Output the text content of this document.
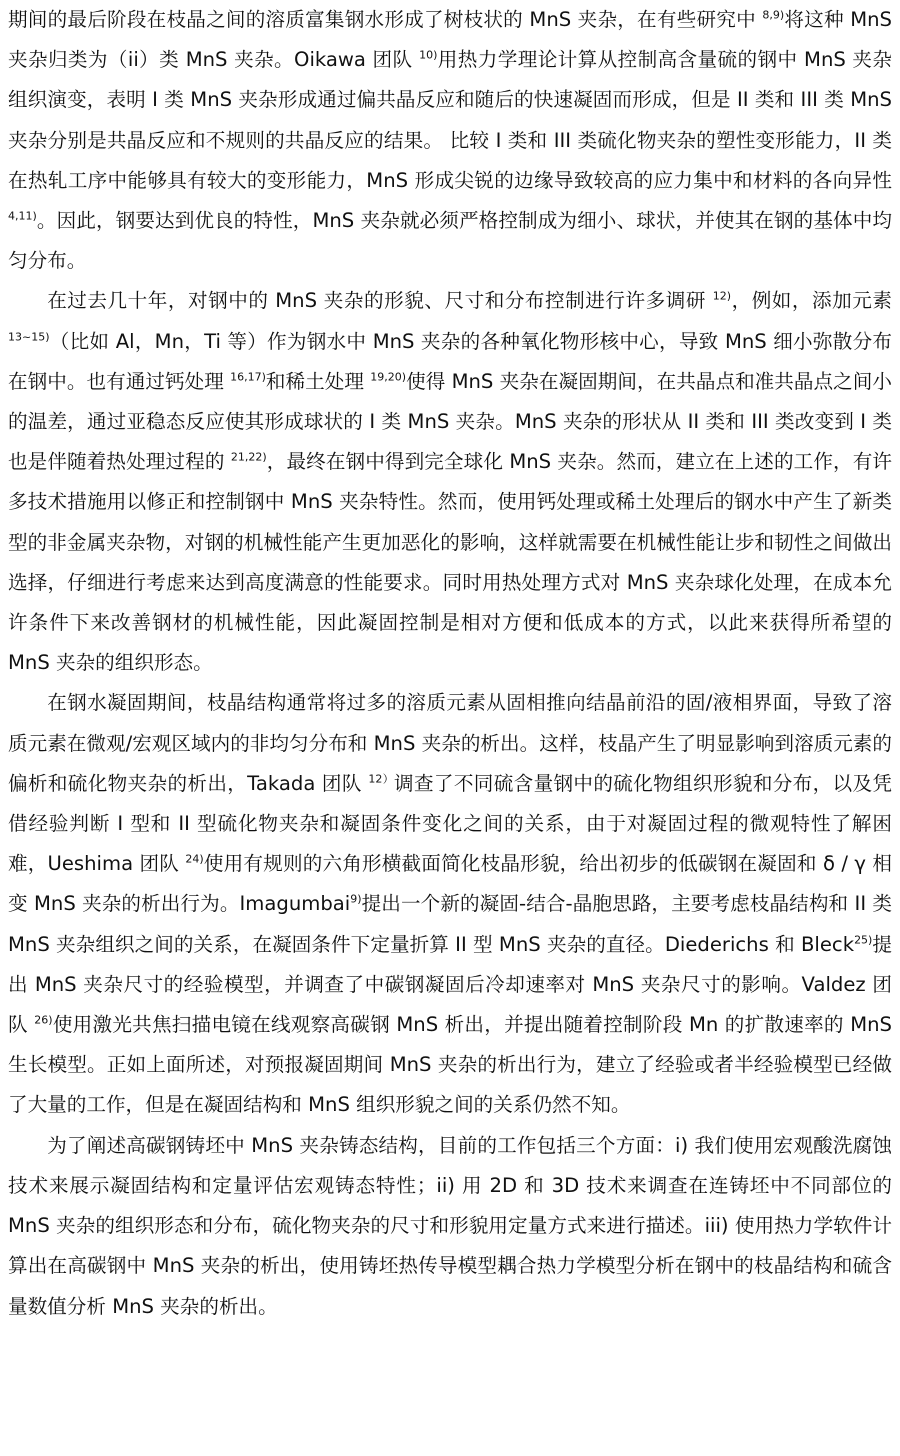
期间的最后阶段在枝晶之间的溶质富集钢水形成了树枝状的 MnS 夹杂，在有些研究中 $^{8,9)}$将这种 MnS 夹杂归类为（ii）类 MnS 夹杂。Oikawa 团队 $^{10)}$用热力学理论计算从控制高含量硫的钢中 MnS 夹杂组织演变，表明 I 类 MnS 夹杂形成通过偏共晶反应和随后的快速凝固而形成，但是 II 类和 III 类 MnS 夹杂分别是共晶反应和不规则的共晶反应的结果。 比较 I 类和 III 类硫化物夹杂的塑性变形能力，II 类在热轧工序中能够具有较大的变形能力，MnS 形成尖锐的边缘导致较高的应力集中和材料的各向异性 $^{4,11)}$。因此，钢要达到优良的特性，MnS 夹杂就必须严格控制成为细小、球状，并使其在钢的基体中均匀分布。

在过去几十年，对钢中的 MnS 夹杂的形貌、尺寸和分布控制进行许多调研 $^{12)}$，例如，添加元素 $^{13\sim 15)}$（比如 Al，Mn，Ti 等）作为钢水中 MnS 夹杂的各种氧化物形核中心，导致 MnS 细小弥散分布在钢中。也有通过钙处理 $^{16,17)}$和稀土处理 $^{19,20)}$使得 MnS 夹杂在凝固期间，在共晶点和准共晶点之间小的温差，通过亚稳态反应使其形成球状的 I 类 MnS 夹杂。MnS 夹杂的形状从 II 类和 III 类改变到 I 类也是伴随着热处理过程的 $^{21,22)}$，最终在钢中得到完全球化 MnS 夹杂。然而，建立在上述的工作，有许多技术措施用以修正和控制钢中 MnS 夹杂特性。然而，使用钙处理或稀土处理后的钢水中产生了新类型的非金属夹杂物，对钢的机械性能产生更加恶化的影响，这样就需要在机械性能让步和韧性之间做出选择，仔细进行考虑来达到高度满意的性能要求。同时用热处理方式对 MnS 夹杂球化处理，在成本允许条件下来改善钢材的机械性能，因此凝固控制是相对方便和低成本的方式，以此来获得所希望的 MnS 夹杂的组织形态。

在钢水凝固期间，枝晶结构通常将过多的溶质元素从固相推向结晶前沿的固/液相界面，导致了溶质元素在微观/宏观区域内的非均匀分布和 MnS 夹杂的析出。这样，枝晶产生了明显影响到溶质元素的偏析和硫化物夹杂的析出，Takada 团队 $^{12)}$调查了不同硫含量钢中的硫化物组织形貌和分布，以及凭借经验判断 I 型和 II 型硫化物夹杂和凝固条件变化之间的关系，由于对凝固过程的微观特性了解困难，Ueshima 团队 $^{24)}$使用有规则的六角形横截面简化枝晶形貌，给出初步的低碳钢在凝固和 δ / γ 相变 MnS 夹杂的析出行为。Imagumbai$^{9)}$提出一个新的凝固-结合-晶胞思路，主要考虑枝晶结构和 II 类 MnS 夹杂组织之间的关系，在凝固条件下定量折算 II 型 MnS 夹杂的直径。Diederichs 和 Bleck$^{25)}$提出 MnS 夹杂尺寸的经验模型，并调查了中碳钢凝固后冷却速率对 MnS 夹杂尺寸的影响。Valdez 团队 $^{26)}$使用激光共焦扫描电镜在线观察高碳钢 MnS 析出，并提出随着控制阶段 Mn 的扩散速率的 MnS 生长模型。正如上面所述，对预报凝固期间 MnS 夹杂的析出行为，建立了经验或者半经验模型已经做了大量的工作，但是在凝固结构和 MnS 组织形貌之间的关系仍然不知。

为了阐述高碳钢铸坯中 MnS 夹杂铸态结构，目前的工作包括三个方面：i) 我们使用宏观酸洗腐蚀技术来展示凝固结构和定量评估宏观铸态特性；ii) 用 2D 和 3D 技术来调查在连铸坯中不同部位的 MnS 夹杂的组织形态和分布，硫化物夹杂的尺寸和形貌用定量方式来进行描述。iii) 使用热力学软件计算出在高碳钢中 MnS 夹杂的析出，使用铸坯热传导模型耦合热力学模型分析在钢中的枝晶结构和硫含量数值分析 MnS 夹杂的析出。
